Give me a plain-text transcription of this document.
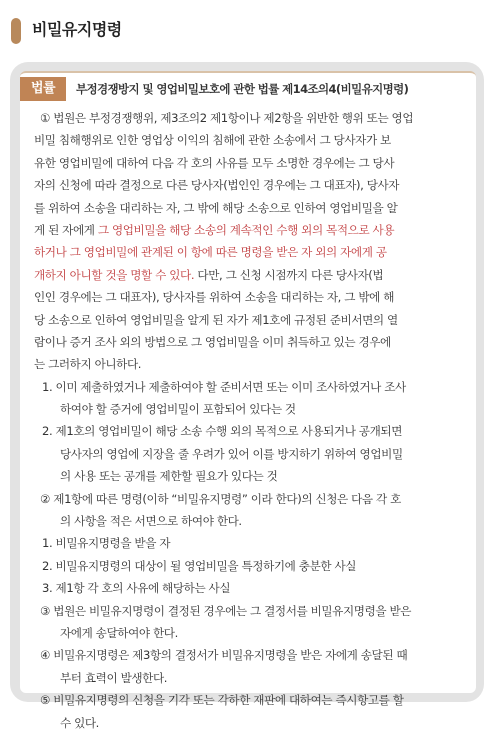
비밀유지명령
법률	부정경쟁방지 및 영업비밀보호에 관한 법률 제14조의4(비밀유지명령)
① 법원은 부정경쟁행위, 제3조의2 제1항이나 제2항을 위반한 행위 또는 영업
비밀 침해행위로 인한 영업상 이익의 침해에 관한 소송에서 그 당사자가 보
유한 영업비밀에 대하여 다음 각 호의 사유를 모두 소명한 경우에는 그 당사
자의 신청에 따라 결정으로 다른 당사자(법인인 경우에는 그 대표자), 당사자
를 위하여 소송을 대리하는 자, 그 밖에 해당 소송으로 인하여 영업비밀을 알
게 된 자에게 그 영업비밀을 해당 소송의 계속적인 수행 외의 목적으로 사용
하거나 그 영업비밀에 관계된 이 항에 따른 명령을 받은 자 외의 자에게 공
개하지 아니할 것을 명할 수 있다. 다만, 그 신청 시점까지 다른 당사자(법
인인 경우에는 그 대표자), 당사자를 위하여 소송을 대리하는 자, 그 밖에 해
당 소송으로 인하여 영업비밀을 알게 된 자가 제1호에 규정된 준비서면의 열
람이나 증거 조사 외의 방법으로 그 영업비밀을 이미 취득하고 있는 경우에
는 그러하지 아니하다.
1. 이미 제출하였거나 제출하여야 할 준비서면 또는 이미 조사하였거나 조사
하여야 할 증거에 영업비밀이 포함되어 있다는 것
2. 제1호의 영업비밀이 해당 소송 수행 외의 목적으로 사용되거나 공개되면
당사자의 영업에 지장을 줄 우려가 있어 이를 방지하기 위하여 영업비밀
의 사용 또는 공개를 제한할 필요가 있다는 것
② 제1항에 따른 명령(이하 “비밀유지명령” 이라 한다)의 신청은 다음 각 호
의 사항을 적은 서면으로 하여야 한다.
1. 비밀유지명령을 받을 자
2. 비밀유지명령의 대상이 될 영업비밀을 특정하기에 충분한 사실
3. 제1항 각 호의 사유에 해당하는 사실
③ 법원은 비밀유지명령이 결정된 경우에는 그 결정서를 비밀유지명령을 받은
자에게 송달하여야 한다.
④ 비밀유지명령은 제3항의 결정서가 비밀유지명령을 받은 자에게 송달된 때
부터 효력이 발생한다.
⑤ 비밀유지명령의 신청을 기각 또는 각하한 재판에 대하여는 즉시항고를 할
수 있다.
